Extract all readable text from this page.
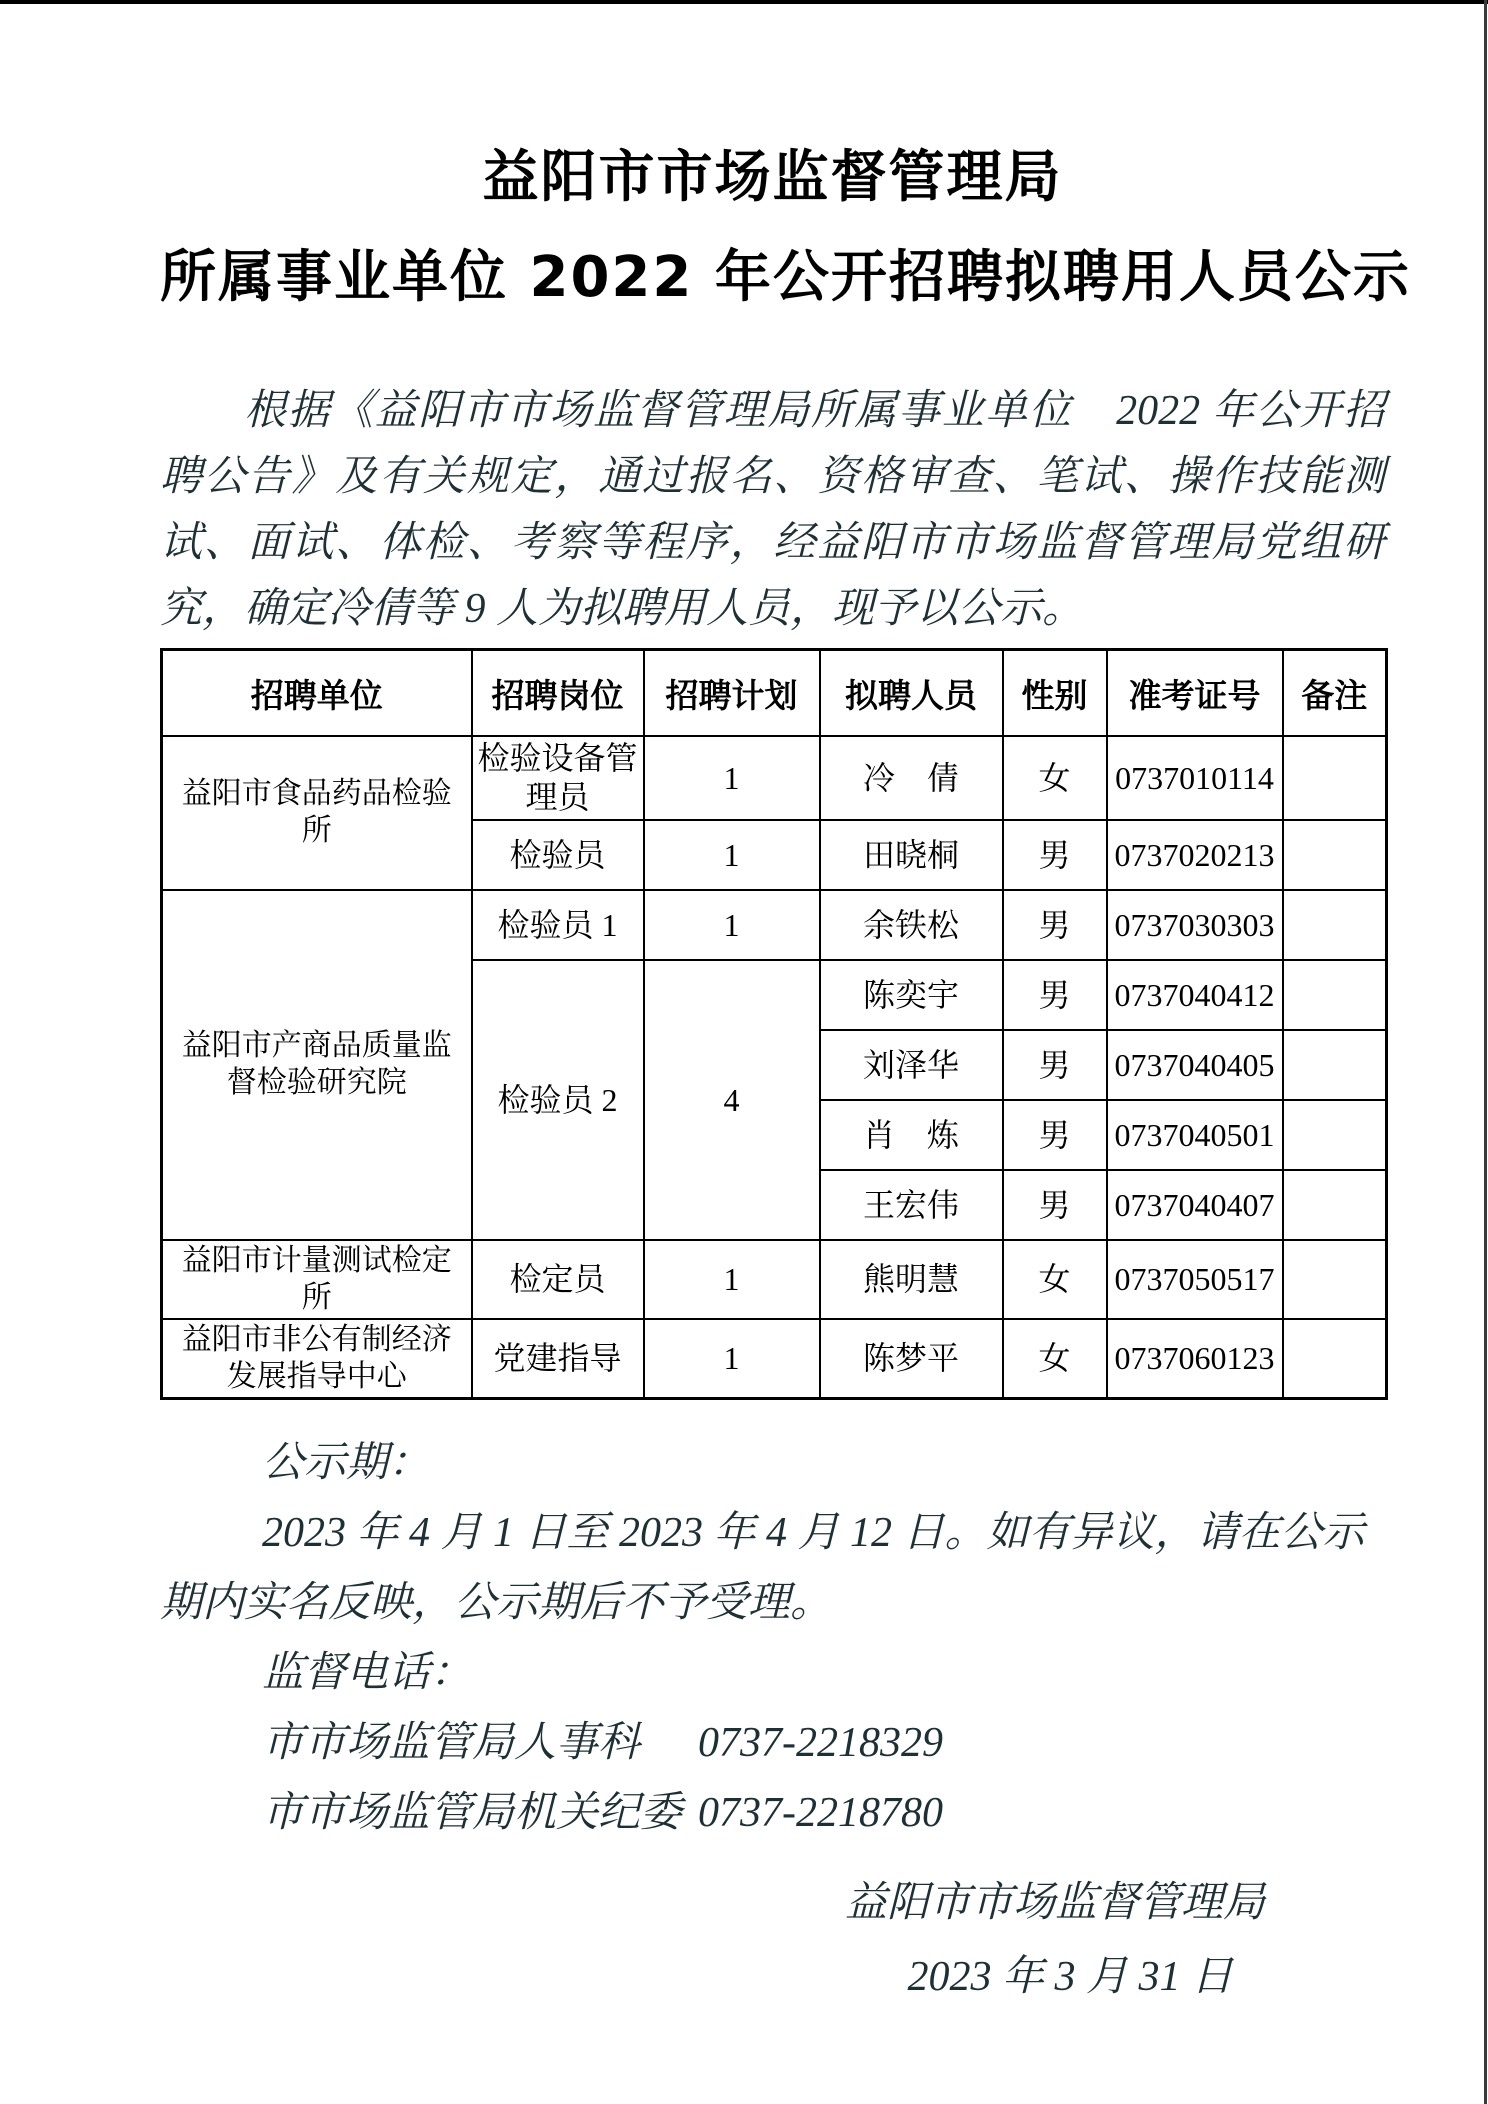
益阳市市场监督管理局
所属事业单位 2022 年公开招聘拟聘用人员公示
根据《益阳市市场监督管理局所属事业单位　2022 年公开招
聘公告》及有关规定，通过报名、资格审查、笔试、操作技能测
试、面试、体检、考察等程序，经益阳市市场监督管理局党组研
究，确定冷倩等 9 人为拟聘用人员，现予以公示。
招聘单位	招聘岗位	招聘计划	拟聘人员	性别	准考证号	备注
益阳市食品药品检验所	检验设备管理员	1	冷　倩	女	0737010114	
	检验员	1	田晓桐	男	0737020213	
益阳市产商品质量监督检验研究院	检验员 1	1	余铁松	男	0737030303	
	检验员 2	4	陈奕宇	男	0737040412	
			刘泽华	男	0737040405	
			肖　炼	男	0737040501	
			王宏伟	男	0737040407	
益阳市计量测试检定所	检定员	1	熊明慧	女	0737050517	
益阳市非公有制经济发展指导中心	党建指导	1	陈梦平	女	0737060123	
公示期：
2023 年 4 月 1 日至 2023 年 4 月 12 日。如有异议，请在公示
期内实名反映，公示期后不予受理。
监督电话：
市市场监管局人事科 0737-2218329
市市场监管局机关纪委 0737-2218780
益阳市市场监督管理局
2023 年 3 月 31 日
